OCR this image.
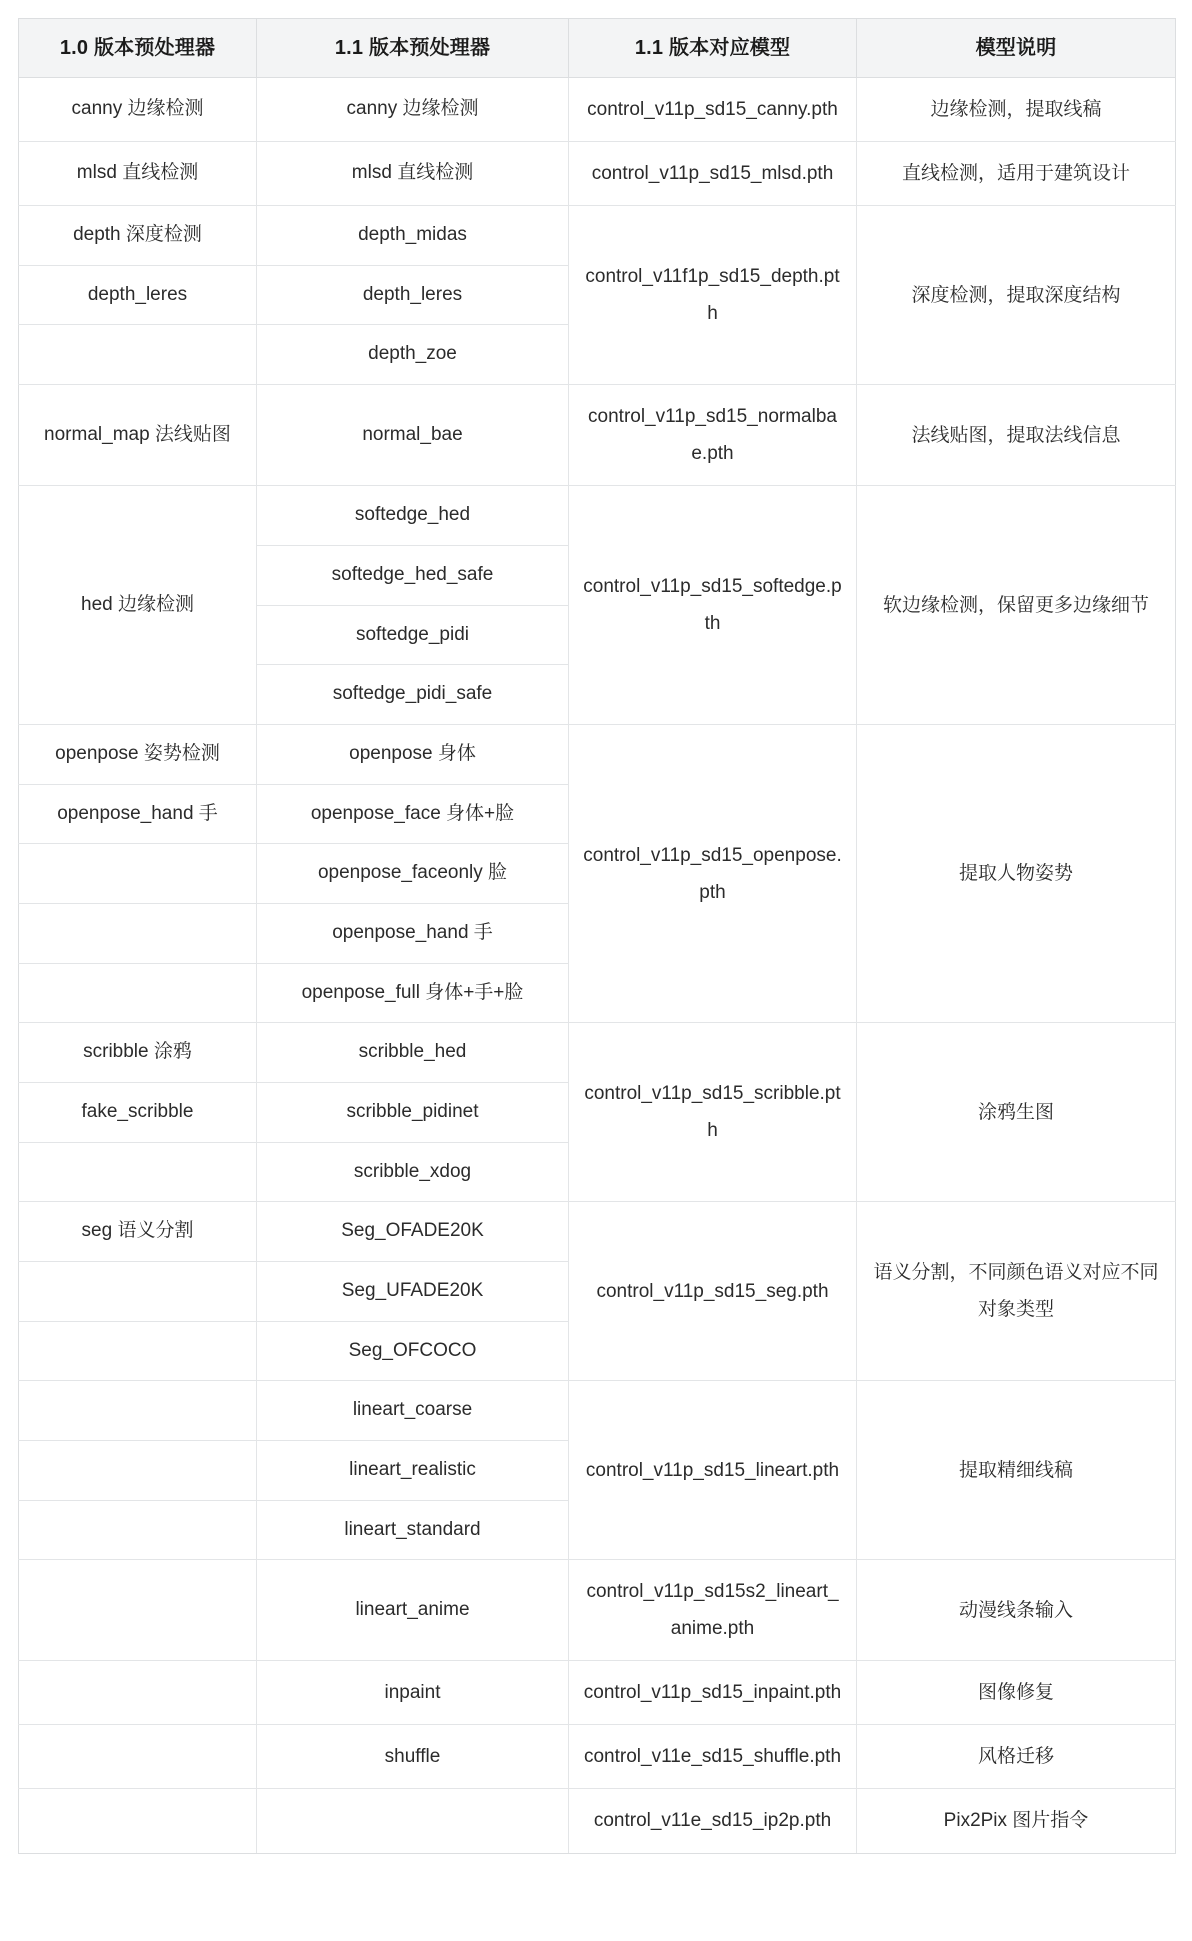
1.0 版本预处理器	1.1 版本预处理器	1.1 版本对应模型	模型说明
canny 边缘检测	canny 边缘检测	control_v11p_sd15_canny.pth	边缘检测，提取线稿
mlsd 直线检测	mlsd 直线检测	control_v11p_sd15_mlsd.pth	直线检测，适用于建筑设计
depth 深度检测	depth_midas	control_v11f1p_sd15_depth.pth	深度检测，提取深度结构
depth_leres	depth_leres		
	depth_zoe		
normal_map 法线贴图	normal_bae	control_v11p_sd15_normalbae.pth	法线贴图，提取法线信息
hed 边缘检测	softedge_hed	control_v11p_sd15_softedge.pth	软边缘检测，保留更多边缘细节
	softedge_hed_safe		
	softedge_pidi		
	softedge_pidi_safe		
openpose 姿势检测	openpose 身体	control_v11p_sd15_openpose.pth	提取人物姿势
openpose_hand 手	openpose_face 身体+脸		
	openpose_faceonly 脸		
	openpose_hand 手		
	openpose_full 身体+手+脸		
scribble 涂鸦	scribble_hed	control_v11p_sd15_scribble.pth	涂鸦生图
fake_scribble	scribble_pidinet		
	scribble_xdog		
seg 语义分割	Seg_OFADE20K	control_v11p_sd15_seg.pth	语义分割，不同颜色语义对应不同对象类型
	Seg_UFADE20K		
	Seg_OFCOCO		
	lineart_coarse	control_v11p_sd15_lineart.pth	提取精细线稿
	lineart_realistic		
	lineart_standard		
	lineart_anime	control_v11p_sd15s2_lineart_anime.pth	动漫线条输入
	inpaint	control_v11p_sd15_inpaint.pth	图像修复
	shuffle	control_v11e_sd15_shuffle.pth	风格迁移
		control_v11e_sd15_ip2p.pth	Pix2Pix 图片指令
